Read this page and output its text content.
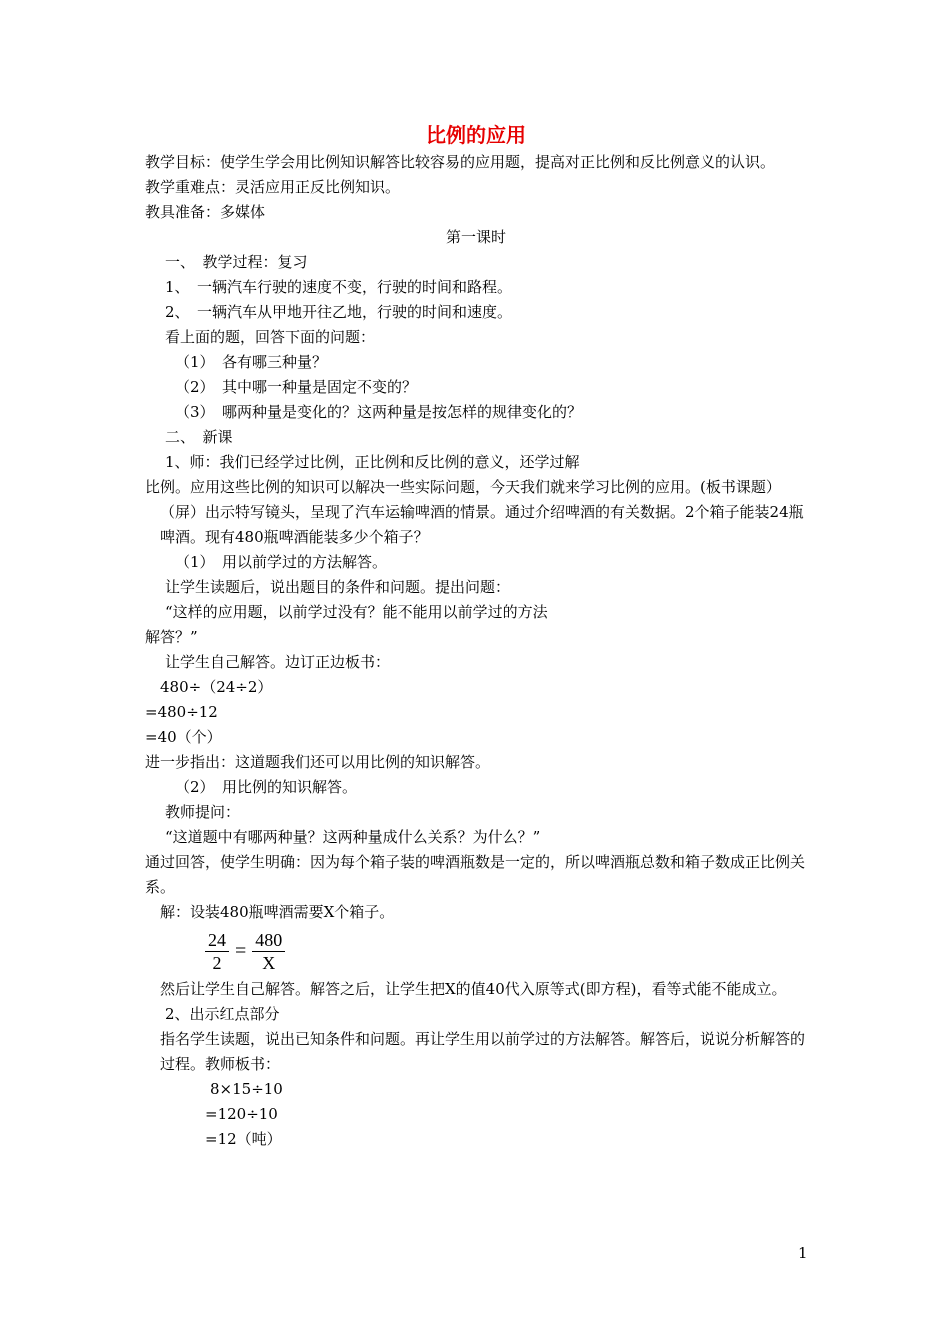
比例的应用

教学目标：使学生学会用比例知识解答比较容易的应用题，提高对正比例和反比例意义的认识。

教学重难点：灵活应用正反比例知识。

教具准备：多媒体

第一课时

一、　教学过程：复习

1、　一辆汽车行驶的速度不变，行驶的时间和路程。

2、　一辆汽车从甲地开往乙地，行驶的时间和速度。

看上面的题，回答下面的问题：

（1）　各有哪三种量？

（2）　其中哪一种量是固定不变的？

（3）　哪两种量是变化的？这两种量是按怎样的规律变化的？

二、　新课

1、师：我们已经学过比例，正比例和反比例的意义，还学过解

比例。应用这些比例的知识可以解决一些实际问题，今天我们就来学习比例的应用。(板书课题）

（屏）出示特写镜头，呈现了汽车运输啤酒的情景。通过介绍啤酒的有关数据。2个箱子能装24瓶啤酒。现有480瓶啤酒能装多少个箱子？

（1）　用以前学过的方法解答。

让学生读题后，说出题目的条件和问题。提出问题：

“这样的应用题，以前学过没有？能不能用以前学过的方法

解答？”

让学生自己解答。边订正边板书：

480÷（24÷2）

=480÷12

=40（个）

进一步指出：这道题我们还可以用比例的知识解答。

（2）　用比例的知识解答。

教师提问：

“这道题中有哪两种量？这两种量成什么关系？为什么？”

通过回答，使学生明确：因为每个箱子装的啤酒瓶数是一定的，所以啤酒瓶总数和箱子数成正比例关系。

解：设装480瓶啤酒需要X个箱子。

$\frac{24}{2} = \frac{480}{X}$

然后让学生自己解答。解答之后，让学生把X的值40代入原等式(即方程)，看等式能不能成立。

2、出示红点部分

指名学生读题，说出已知条件和问题。再让学生用以前学过的方法解答。解答后，说说分析解答的过程。教师板书：

8×15÷10

=120÷10

=12（吨）

1
